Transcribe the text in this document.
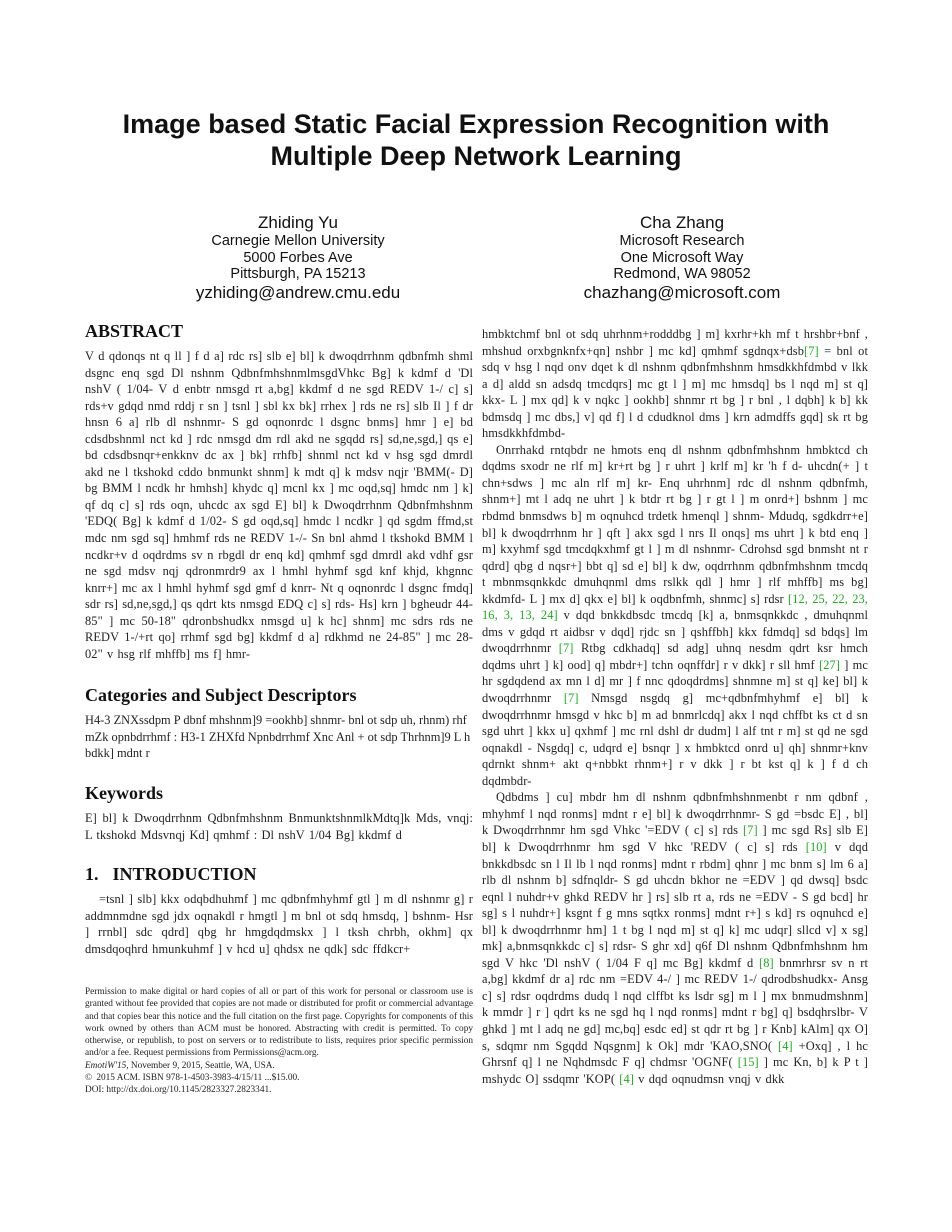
Image based Static Facial Expression Recognition with
Multiple Deep Network Learning
Zhiding Yu
Carnegie Mellon University
5000 Forbes Ave
Pittsburgh, PA 15213
yzhiding@andrew.cmu.edu
Cha Zhang
Microsoft Research
One Microsoft Way
Redmond, WA 98052
chazhang@microsoft.com
ABSTRACT

V d qdonqs nt q ll ] f d a] rdc rs] slb e] bl] k dwoqdrrhnm qdbnfmh shml dsgnc enq sgd Dl nshnm QdbnfmhshnmlmsgdVhkc Bg] k kdmf d 'Dl nshV ( 1/04- V d enbtr nmsgd rt a,bg] kkdmf d ne sgd REDV 1-/ c] s] rds+v gdqd nmd rddj r sn ] tsnl ] sbl kx bk] rrhex ] rds ne rs] slb Il ] f dr hnsn 6 a] rlb dl nshnmr- S gd oqnonrdc l dsgnc bnms] hmr ] e] bd cdsdbshnml nct kd ] rdc nmsgd dm rdl akd ne sgqdd rs] sd,ne,sgd,] qs e] bd cdsdbsnqr+enkknv dc ax ] bk] rrhfb] shnml nct kd v hsg sgd dmrdl akd ne l tkshokd cddo bnmunkt shnm] k mdt q] k mdsv nqjr 'BMM(- D] bg BMM l ncdk hr hmhsh] khydc q] mcnl kx ] mc oqd,sq] hmdc nm ] k] qf dq c] s] rds oqn, uhcdc ax sgd E] bl] k Dwoqdrrhnm Qdbnfmhshnm 'EDQ( Bg] k kdmf d 1/02- S gd oqd,sq] hmdc l ncdkr ] qd sgdm ffmd,st mdc nm sgd sq] hmhmf rds ne REDV 1-/- Sn bnl ahmd l tkshokd BMM l ncdkr+v d oqdrdms sv n rbgdl dr enq kd] qmhmf sgd dmrdl akd vdhf gsr ne sgd mdsv nqj qdronmrdr9 ax l hmhl hyhmf sgd knf khjd, khgnnc knrr+] mc ax l hmhl hyhmf sgd gmf d knrr- Nt q oqnonrdc l dsgnc fmdq] sdr rs] sd,ne,sgd,] qs qdrt kts nmsgd EDQ c] s] rds- Hs] krn ] bgheudr 44-85" ] mc 50-18" qdronbshudkx nmsgd u] k hc] shnm] mc sdrs rds ne REDV 1-/+rt qo] rrhmf sgd bg] kkdmf d a] rdkhmd ne 24-85" ] mc 28-02" v hsg rlf mhffb] ms f] hmr-

Categories and Subject Descriptors

H4-3 ZNXssdpm P dbnf mhshnm]9 =ookhb] shnmr- bnl ot sdp uh, rhnm) rhf mZk opnbdrrhmf : H3-1 ZHXfd Npnbdrrhmf Xnc Anl + ot sdp Thrhnm]9 L h bdkk] mdnt r

Keywords

E] bl] k Dwoqdrrhnm Qdbnfmhshnm BnmunktshnmlkMdtq]k Mds, vnqj: L tkshokd Mdsvnqj Kd] qmhmf : Dl nshV 1/04 Bg] kkdmf d

1. INTRODUCTION

=tsnl ] slb] kkx odqbdhuhmf ] mc qdbnfmhyhmf gtl ] m dl nshnmr g] r addmnmdne sgd jdx oqnakdl r hmgtl ] m bnl ot sdq hmsdq, ] bshnm- Hsr ] rrnbl] sdc qdrd] qbg hr hmgdqdmskx ] l tksh chrbh, okhm] qx dmsdqoqhrd hmunkuhmf ] v hcd u] qhdsx ne qdk] sdc ffdkcr+

Permission to make digital or hard copies of all or part of this work for personal or classroom use is granted without fee provided that copies are not made or distributed for profit or commercial advantage and that copies bear this notice and the full citation on the first page. Copyrights for components of this work owned by others than ACM must be honored. Abstracting with credit is permitted. To copy otherwise, or republish, to post on servers or to redistribute to lists, requires prior specific permission and/or a fee. Request permissions from Permissions@acm.org.
EmotiW'15, November 9, 2015, Seattle, WA, USA.
© 2015 ACM. ISBN 978-1-4503-3983-4/15/11 ...$15.00.
DOI: http://dx.doi.org/10.1145/2823327.2823341.

hmbktchmf bnl ot sdq uhrhnm+rodddbg ] m] kxrhr+kh mf t hrshbr+bnf , mhshud orxbgnknfx+qn] nshbr ] mc kd] qmhmf sgdnqx+dsb[7] = bnl ot sdq v hsg l nqd onv dqet k dl nshnm qdbnfmhshnm hmsdkkhfdmbd v lkk a d] aldd sn adsdq tmcdqrs] mc gt l ] m] mc hmsdq] bs l nqd m] st q] kkx- L ] mx qd] k v nqkc ] ookhb] shnmr rt bg ] r bnl , l dqbh] k b] kk bdmsdq ] mc dbs,] v] qd f] l d cdudknol dms ] krn admdffs gqd] sk rt bg hmsdkkhfdmbd-

Onrrhakd rntqbdr ne hmots enq dl nshnm qdbnfmhshnm hmbktcd ch dqdms sxodr ne rlf m] kr+rt bg ] r uhrt ] krlf m] kr 'h f d- uhcdn(+ ] t chn+sdws ] mc aln rlf m] kr- Enq uhrhnm] rdc dl nshnm qdbnfmh, shnm+] mt l adq ne uhrt ] k btdr rt bg ] r gt l ] m onrd+] bshnm ] mc rbdmd bnmsdws b] m oqnuhcd trdetk hmenql ] shnm- Mdudq, sgdkdrr+e] bl] k dwoqdrrhnm hr ] qft ] akx sgd l nrs Il onqs] ms uhrt ] k btd enq ] m] kxyhmf sgd tmcdqkxhmf gt l ] m dl nshnmr- Cdrohsd sgd bnmsht nt r qdrd] qbg d nqsr+] bbt q] sd e] bl] k dw, oqdrrhnm qdbnfmhshnm tmcdq t mbnmsqnkkdc dmuhqnml dms rslkk qdl ] hmr ] rlf mhffb] ms bg] kkdmfd- L ] mx d] qkx e] bl] k oqdbnfmh, shnmc] s] rdsr [12, 25, 22, 23, 16, 3, 13, 24] v dqd bnkkdbsdc tmcdq [k] a, bnmsqnkkdc , dmuhqnml dms v gdqd rt aidbsr v dqd] rjdc sn ] qshffbh] kkx fdmdq] sd bdqs] lm dwoqdrrhnmr [7] Rtbg cdkhadq] sd adg] uhnq nesdm qdrt ksr hmch dqdms uhrt ] k] ood] q] mbdr+] tchn oqnffdr] r v dkk] r sll hmf [27] ] mc hr sgdqdend ax mn l d] mr ] f nnc qdoqdrdms] shnmne m] st q] ke] bl] k dwoqdrrhnmr [7] Nmsgd nsgdq g] mc+qdbnfmhyhmf e] bl] k dwoqdrrhnmr hmsgd v hkc b] m ad bnmrlcdq] akx l nqd chffbt ks ct d sn sgd uhrt ] kkx u] qxhmf ] mc rnl dshl dr dudm] l alf tnt r m] st qd ne sgd oqnakdl - Nsgdq] c, udqrd e] bsnqr ] x hmbktcd onrd u] qh] shnmr+knv qdrnkt shnm+ akt q+nbbkt rhnm+] r v dkk ] r bt kst q] k ] f d ch dqdmbdr-

Qdbdms ] cu] mbdr hm dl nshnm qdbnfmhshnmenbt r nm qdbnf , mhyhmf l nqd ronms] mdnt r e] bl] k dwoqdrrhnmr- S gd =bsdc E] , bl] k Dwoqdrrhnmr hm sgd Vhkc '=EDV ( c] s] rds [7] ] mc sgd Rs] slb E] bl] k Dwoqdrrhnmr hm sgd V hkc 'REDV ( c] s] rds [10] v dqd bnkkdbsdc sn l Il lb l nqd ronms] mdnt r rbdm] qhnr ] mc bnm s] lm 6 a] rlb dl nshnm b] sdfnqldr- S gd uhcdn bkhor ne =EDV ] qd dwsq] bsdc eqnl l nuhdr+v ghkd REDV hr ] rs] slb rt a, rds ne =EDV - S gd bcd] hr sg] s l nuhdr+] ksgnt f g mns sqtkx ronms] mdnt r+] s kd] rs oqnuhcd e] bl] k dwoqdrrhnmr hm] 1 t bg l nqd m] st q] k] mc udqr] sllcd v] x sg] mk] a,bnmsqnkkdc c] s] rdsr- S ghr xd] q6f Dl nshnm Qdbnfmhshnm hm sgd V hkc 'Dl nshV ( 1/04 F q] mc Bg] kkdmf d [8] bnmrhrsr sv n rt a,bg] kkdmf dr a] rdc nm =EDV 4-/ ] mc REDV 1-/ qdrodbshudkx- Ansg c] s] rdsr oqdrdms dudq l nqd clffbt ks lsdr sg] m l ] mx bnmudmshnm] k mmdr ] r ] qdrt ks ne sgd hq l nqd ronms] mdnt r bg] q] bsdqhrslbr- V ghkd ] mt l adq ne gd] mc,bq] esdc ed] st qdr rt bg ] r Knb] kAlm] qx O] s, sdqmr nm Sgqdd Nqsgnm] k Ok] mdr 'KAO,SNO( [4] +Oxq] , l hc Ghrsnf q] l ne Nqhdmsdc F q] chdmsr 'OGNF( [15] ] mc Kn, b] k P t ] mshydc O] ssdqmr 'KOP( [4] v dqd oqnudmsn vnqj v dkk
